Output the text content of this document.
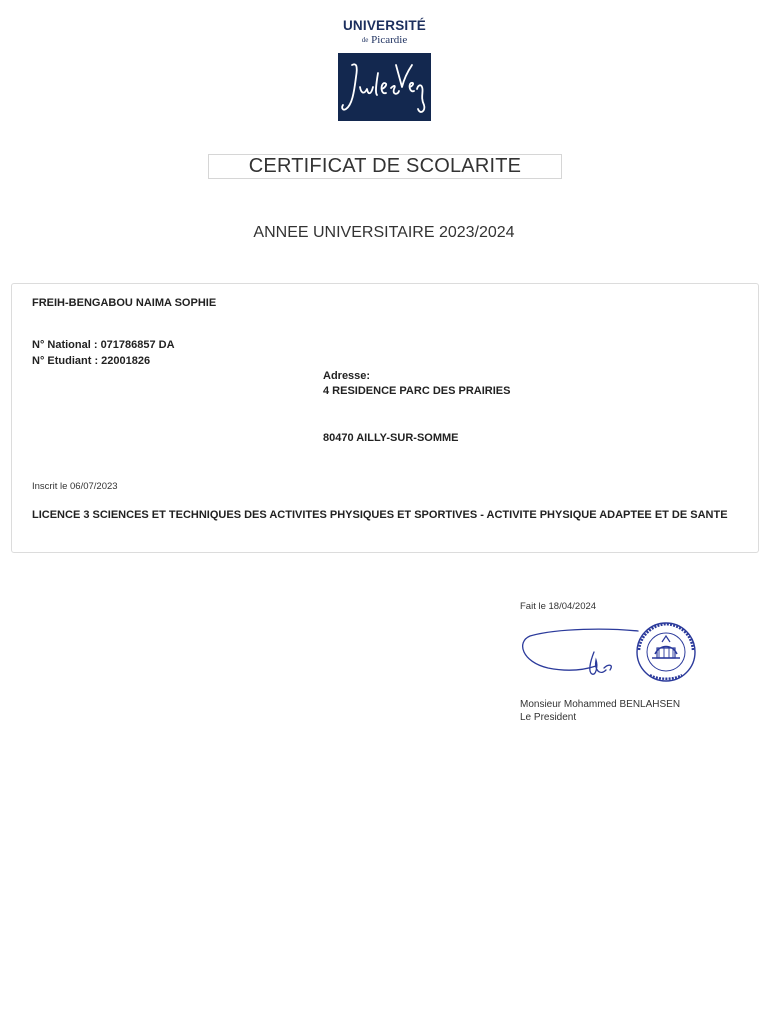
UNIVERSITÉ
$^{de}$ Picardie
CERTIFICAT DE SCOLARITE
ANNEE UNIVERSITAIRE 2023/2024
FREIH-BENGABOU NAIMA SOPHIE
N° National : 071786857 DA
N° Etudiant : 22001826
Adresse:
4 RESIDENCE PARC DES PRAIRIES
80470 AILLY-SUR-SOMME
Inscrit le 06/07/2023
LICENCE 3 SCIENCES ET TECHNIQUES DES ACTIVITES PHYSIQUES ET SPORTIVES - ACTIVITE PHYSIQUE ADAPTEE ET DE SANTE
Fait le 18/04/2024
Monsieur Mohammed BENLAHSEN
Le President
